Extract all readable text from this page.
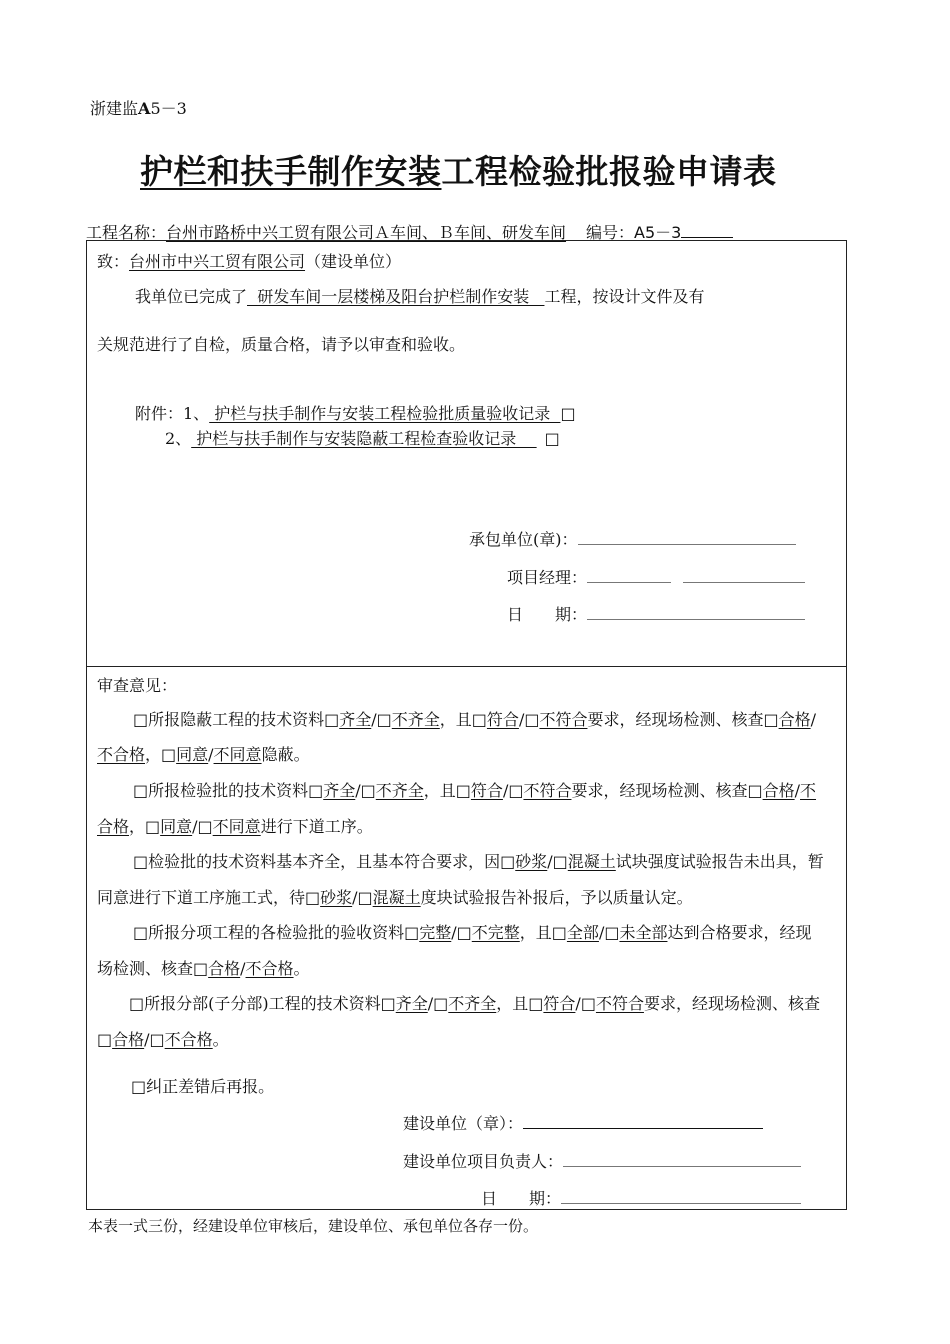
浙建监A5－3
护栏和扶手制作安装工程检验批报验申请表
工程名称：台州市路桥中兴工贸有限公司Ａ车间、Ｂ车间、研发车间 编号：A5－3
致：台州市中兴工贸有限公司（建设单位）
我单位已完成了  研发车间一层楼梯及阳台护栏制作安装   工程，按设计文件及有
关规范进行了自检，质量合格，请予以审查和验收。
附件：1、 护栏与扶手制作与安装工程检验批质量验收记录  □
2、 护栏与扶手制作与安装隐蔽工程检查验收记录    □
承包单位(章)：
项目经理：
日　　期：
审查意见：
□所报隐蔽工程的技术资料□齐全/□不齐全，且□符合/□不符合要求，经现场检测、核查□合格/
不合格，□同意/不同意隐蔽。
□所报检验批的技术资料□齐全/□不齐全，且□符合/□不符合要求，经现场检测、核查□合格/不
合格，□同意/□不同意进行下道工序。
□检验批的技术资料基本齐全，且基本符合要求，因□砂浆/□混凝土试块强度试验报告未出具，暂
同意进行下道工序施工式，待□砂浆/□混凝土度块试验报告补报后，予以质量认定。
□所报分项工程的各检验批的验收资料□完整/□不完整，且□全部/□未全部达到合格要求，经现
场检测、核查□合格/不合格。
□所报分部(子分部)工程的技术资料□齐全/□不齐全，且□符合/□不符合要求，经现场检测、核查
□合格/□不合格。
□纠正差错后再报。
建设单位（章）：
建设单位项目负责人：
日　　期：
本表一式三份，经建设单位审核后，建设单位、承包单位各存一份。
